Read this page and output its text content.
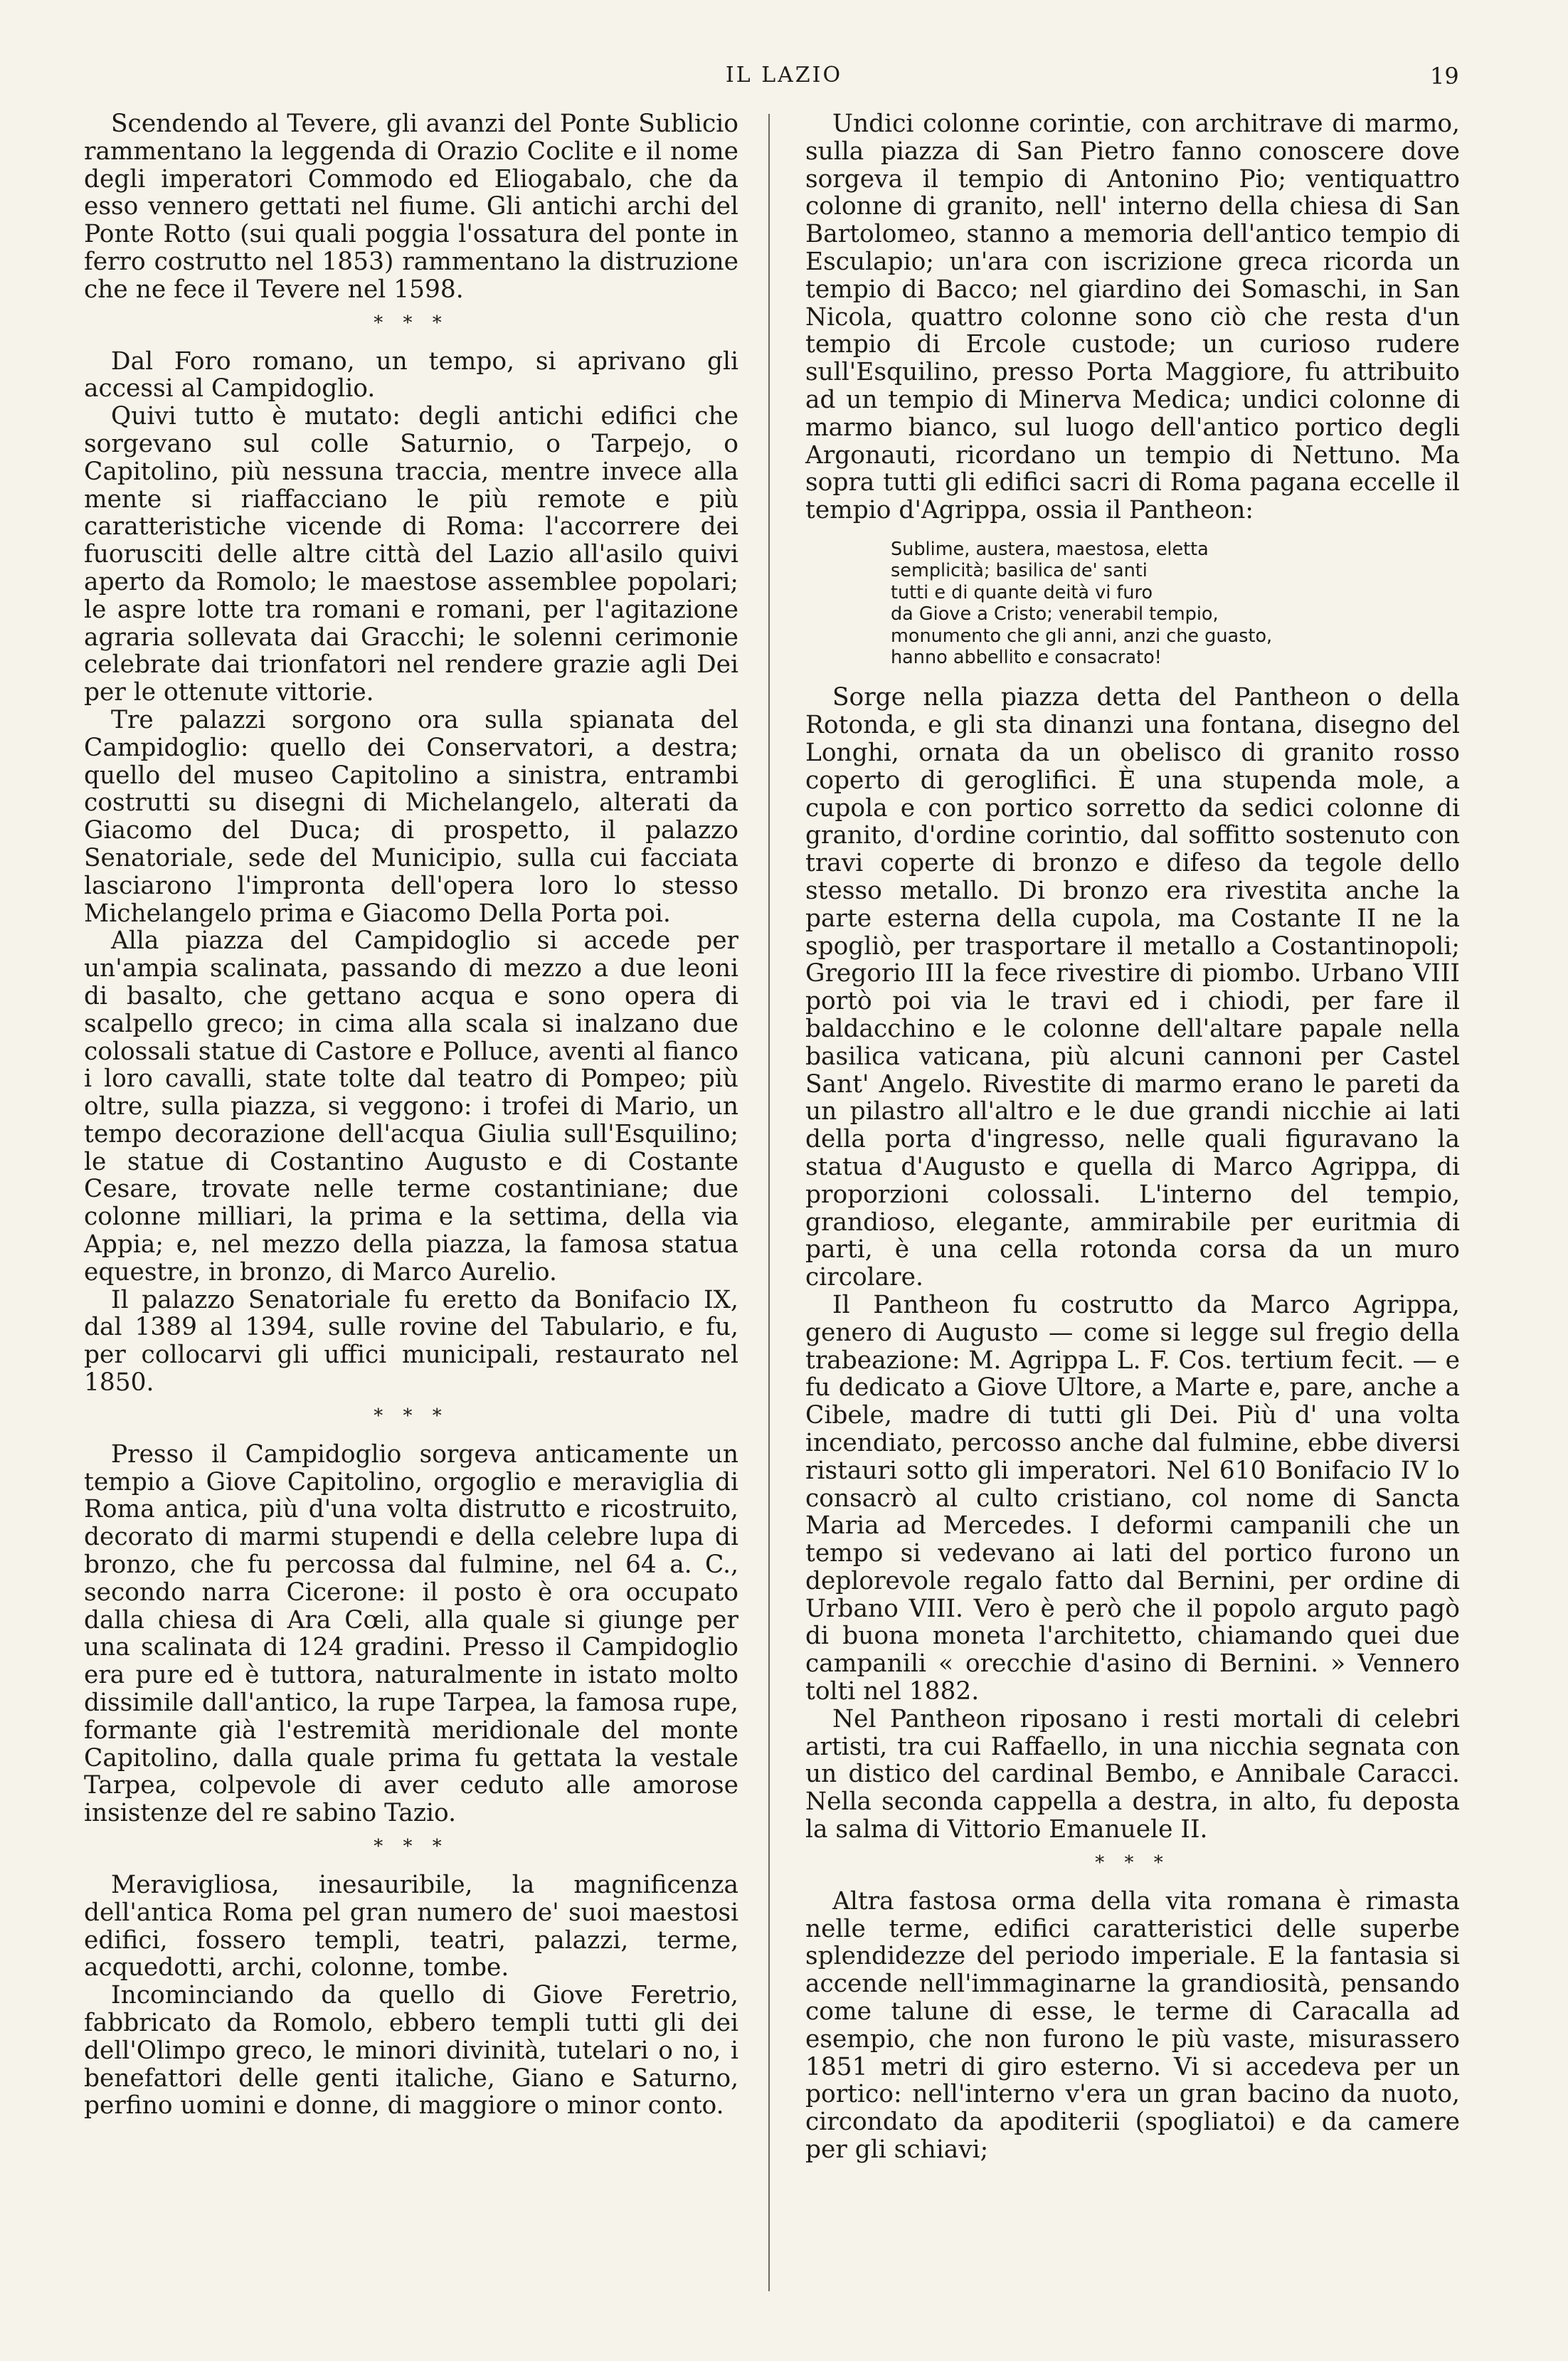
IL LAZIO	19

Scendendo al Tevere, gli avanzi del Ponte Sublicio rammentano la leggenda di Orazio Coclite e il nome degli imperatori Commodo ed Eliogabalo, che da esso vennero gettati nel fiume. Gli antichi archi del Ponte Rotto (sui quali poggia l'ossatura del ponte in ferro costrutto nel 1853) rammentano la distruzione che ne fece il Tevere nel 1598.

* * *

Dal Foro romano, un tempo, si aprivano gli accessi al Campidoglio.

Quivi tutto è mutato: degli antichi edifici che sorgevano sul colle Saturnio, o Tarpejo, o Capitolino, più nessuna traccia, mentre invece alla mente si riaffacciano le più remote e più caratteristiche vicende di Roma: l'accorrere dei fuorusciti delle altre città del Lazio all'asilo quivi aperto da Romolo; le maestose assemblee popolari; le aspre lotte tra romani e romani, per l'agitazione agraria sollevata dai Gracchi; le solenni cerimonie celebrate dai trionfatori nel rendere grazie agli Dei per le ottenute vittorie.

Tre palazzi sorgono ora sulla spianata del Campidoglio: quello dei Conservatori, a destra; quello del museo Capitolino a sinistra, entrambi costrutti su disegni di Michelangelo, alterati da Giacomo del Duca; di prospetto, il palazzo Senatoriale, sede del Municipio, sulla cui facciata lasciarono l'impronta dell'opera loro lo stesso Michelangelo prima e Giacomo Della Porta poi.

Alla piazza del Campidoglio si accede per un'ampia scalinata, passando di mezzo a due leoni di basalto, che gettano acqua e sono opera di scalpello greco; in cima alla scala si inalzano due colossali statue di Castore e Polluce, aventi al fianco i loro cavalli, state tolte dal teatro di Pompeo; più oltre, sulla piazza, si veggono: i trofei di Mario, un tempo decorazione dell'acqua Giulia sull'Esquilino; le statue di Costantino Augusto e di Costante Cesare, trovate nelle terme costantiniane; due colonne milliari, la prima e la settima, della via Appia; e, nel mezzo della piazza, la famosa statua equestre, in bronzo, di Marco Aurelio.

Il palazzo Senatoriale fu eretto da Bonifacio IX, dal 1389 al 1394, sulle rovine del Tabulario, e fu, per collocarvi gli uffici municipali, restaurato nel 1850.

* * *

Presso il Campidoglio sorgeva anticamente un tempio a Giove Capitolino, orgoglio e meraviglia di Roma antica, più d'una volta distrutto e ricostruito, decorato di marmi stupendi e della celebre lupa di bronzo, che fu percossa dal fulmine, nel 64 a. C., secondo narra Cicerone: il posto è ora occupato dalla chiesa di Ara Cœli, alla quale si giunge per una scalinata di 124 gradini. Presso il Campidoglio era pure ed è tuttora, naturalmente in istato molto dissimile dall'antico, la rupe Tarpea, la famosa rupe, formante già l'estremità meridionale del monte Capitolino, dalla quale prima fu gettata la vestale Tarpea, colpevole di aver ceduto alle amorose insistenze del re sabino Tazio.

* * *

Meravigliosa, inesauribile, la magnificenza dell'antica Roma pel gran numero de' suoi maestosi edifici, fossero templi, teatri, palazzi, terme, acquedotti, archi, colonne, tombe.

Incominciando da quello di Giove Feretrio, fabbricato da Romolo, ebbero templi tutti gli dei dell'Olimpo greco, le minori divinità, tutelari o no, i benefattori delle genti italiche, Giano e Saturno, perfino uomini e donne, di maggiore o minor conto.

Undici colonne corintie, con architrave di marmo, sulla piazza di San Pietro fanno conoscere dove sorgeva il tempio di Antonino Pio; ventiquattro colonne di granito, nell' interno della chiesa di San Bartolomeo, stanno a memoria dell'antico tempio di Esculapio; un'ara con iscrizione greca ricorda un tempio di Bacco; nel giardino dei Somaschi, in San Nicola, quattro colonne sono ciò che resta d'un tempio di Ercole custode; un curioso rudere sull'Esquilino, presso Porta Maggiore, fu attribuito ad un tempio di Minerva Medica; undici colonne di marmo bianco, sul luogo dell'antico portico degli Argonauti, ricordano un tempio di Nettuno. Ma sopra tutti gli edifici sacri di Roma pagana eccelle il tempio d'Agrippa, ossia il Pantheon:

Sublime, austera, maestosa, eletta
semplicità; basilica de' santi
tutti e di quante deità vi furo
da Giove a Cristo; venerabil tempio,
monumento che gli anni, anzi che guasto,
hanno abbellito e consacrato!

Sorge nella piazza detta del Pantheon o della Rotonda, e gli sta dinanzi una fontana, disegno del Longhi, ornata da un obelisco di granito rosso coperto di geroglifici. È una stupenda mole, a cupola e con portico sorretto da sedici colonne di granito, d'ordine corintio, dal soffitto sostenuto con travi coperte di bronzo e difeso da tegole dello stesso metallo. Di bronzo era rivestita anche la parte esterna della cupola, ma Costante II ne la spogliò, per trasportare il metallo a Costantinopoli; Gregorio III la fece rivestire di piombo. Urbano VIII portò poi via le travi ed i chiodi, per fare il baldacchino e le colonne dell'altare papale nella basilica vaticana, più alcuni cannoni per Castel Sant' Angelo. Rivestite di marmo erano le pareti da un pilastro all'altro e le due grandi nicchie ai lati della porta d'ingresso, nelle quali figuravano la statua d'Augusto e quella di Marco Agrippa, di proporzioni colossali. L'interno del tempio, grandioso, elegante, ammirabile per euritmia di parti, è una cella rotonda corsa da un muro circolare.

Il Pantheon fu costrutto da Marco Agrippa, genero di Augusto — come si legge sul fregio della trabeazione: M. Agrippa L. F. Cos. tertium fecit. — e fu dedicato a Giove Ultore, a Marte e, pare, anche a Cibele, madre di tutti gli Dei. Più d' una volta incendiato, percosso anche dal fulmine, ebbe diversi ristauri sotto gli imperatori. Nel 610 Bonifacio IV lo consacrò al culto cristiano, col nome di Sancta Maria ad Mercedes. I deformi campanili che un tempo si vedevano ai lati del portico furono un deplorevole regalo fatto dal Bernini, per ordine di Urbano VIII. Vero è però che il popolo arguto pagò di buona moneta l'architetto, chiamando quei due campanili « orecchie d'asino di Bernini. » Vennero tolti nel 1882.

Nel Pantheon riposano i resti mortali di celebri artisti, tra cui Raffaello, in una nicchia segnata con un distico del cardinal Bembo, e Annibale Caracci. Nella seconda cappella a destra, in alto, fu deposta la salma di Vittorio Emanuele II.

* * *

Altra fastosa orma della vita romana è rimasta nelle terme, edifici caratteristici delle superbe splendidezze del periodo imperiale. E la fantasia si accende nell'immaginarne la grandiosità, pensando come talune di esse, le terme di Caracalla ad esempio, che non furono le più vaste, misurassero 1851 metri di giro esterno. Vi si accedeva per un portico: nell'interno v'era un gran bacino da nuoto, circondato da apoditerii (spogliatoi) e da camere per gli schiavi;
